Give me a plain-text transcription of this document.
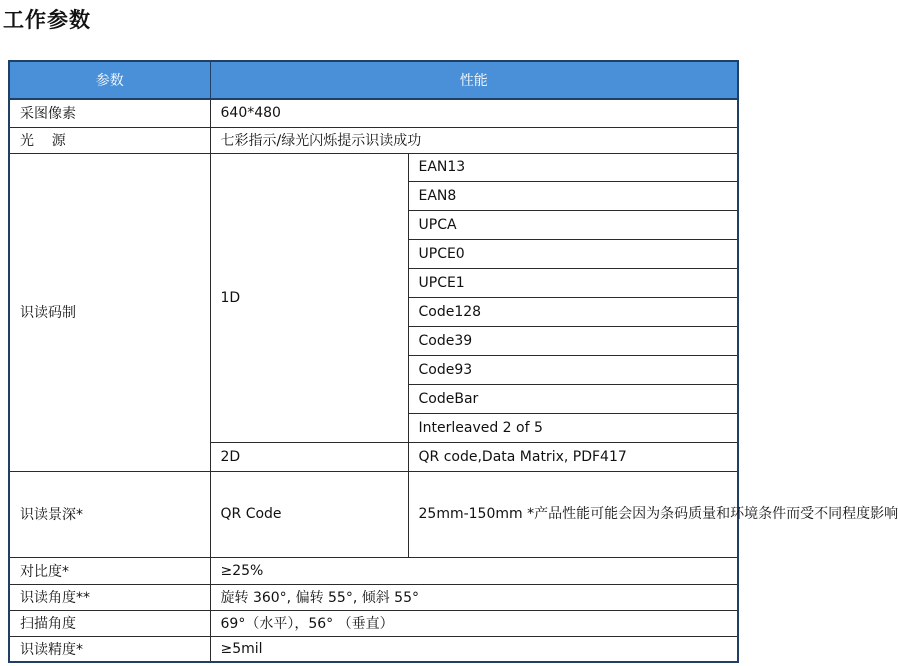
工作参数
参数	性能	
采图像素	640*480	
光    源	七彩指示/绿光闪烁提示识读成功	
识读码制	1D	EAN13
		EAN8
		UPCA
		UPCE0
		UPCE1
		Code128
		Code39
		Code93
		CodeBar
		Interleaved 2 of 5
	2D	QR code,Data Matrix, PDF417
识读景深*	QR Code	25mm-150mm *产品性能可能会因为条码质量和环境条件而受不同程度影响
对比度*	≥25%	
识读角度**	旋转 360°, 偏转 55°, 倾斜 55°	
扫描角度	69°（水平），56° （垂直）	
识读精度*	≥5mil	
